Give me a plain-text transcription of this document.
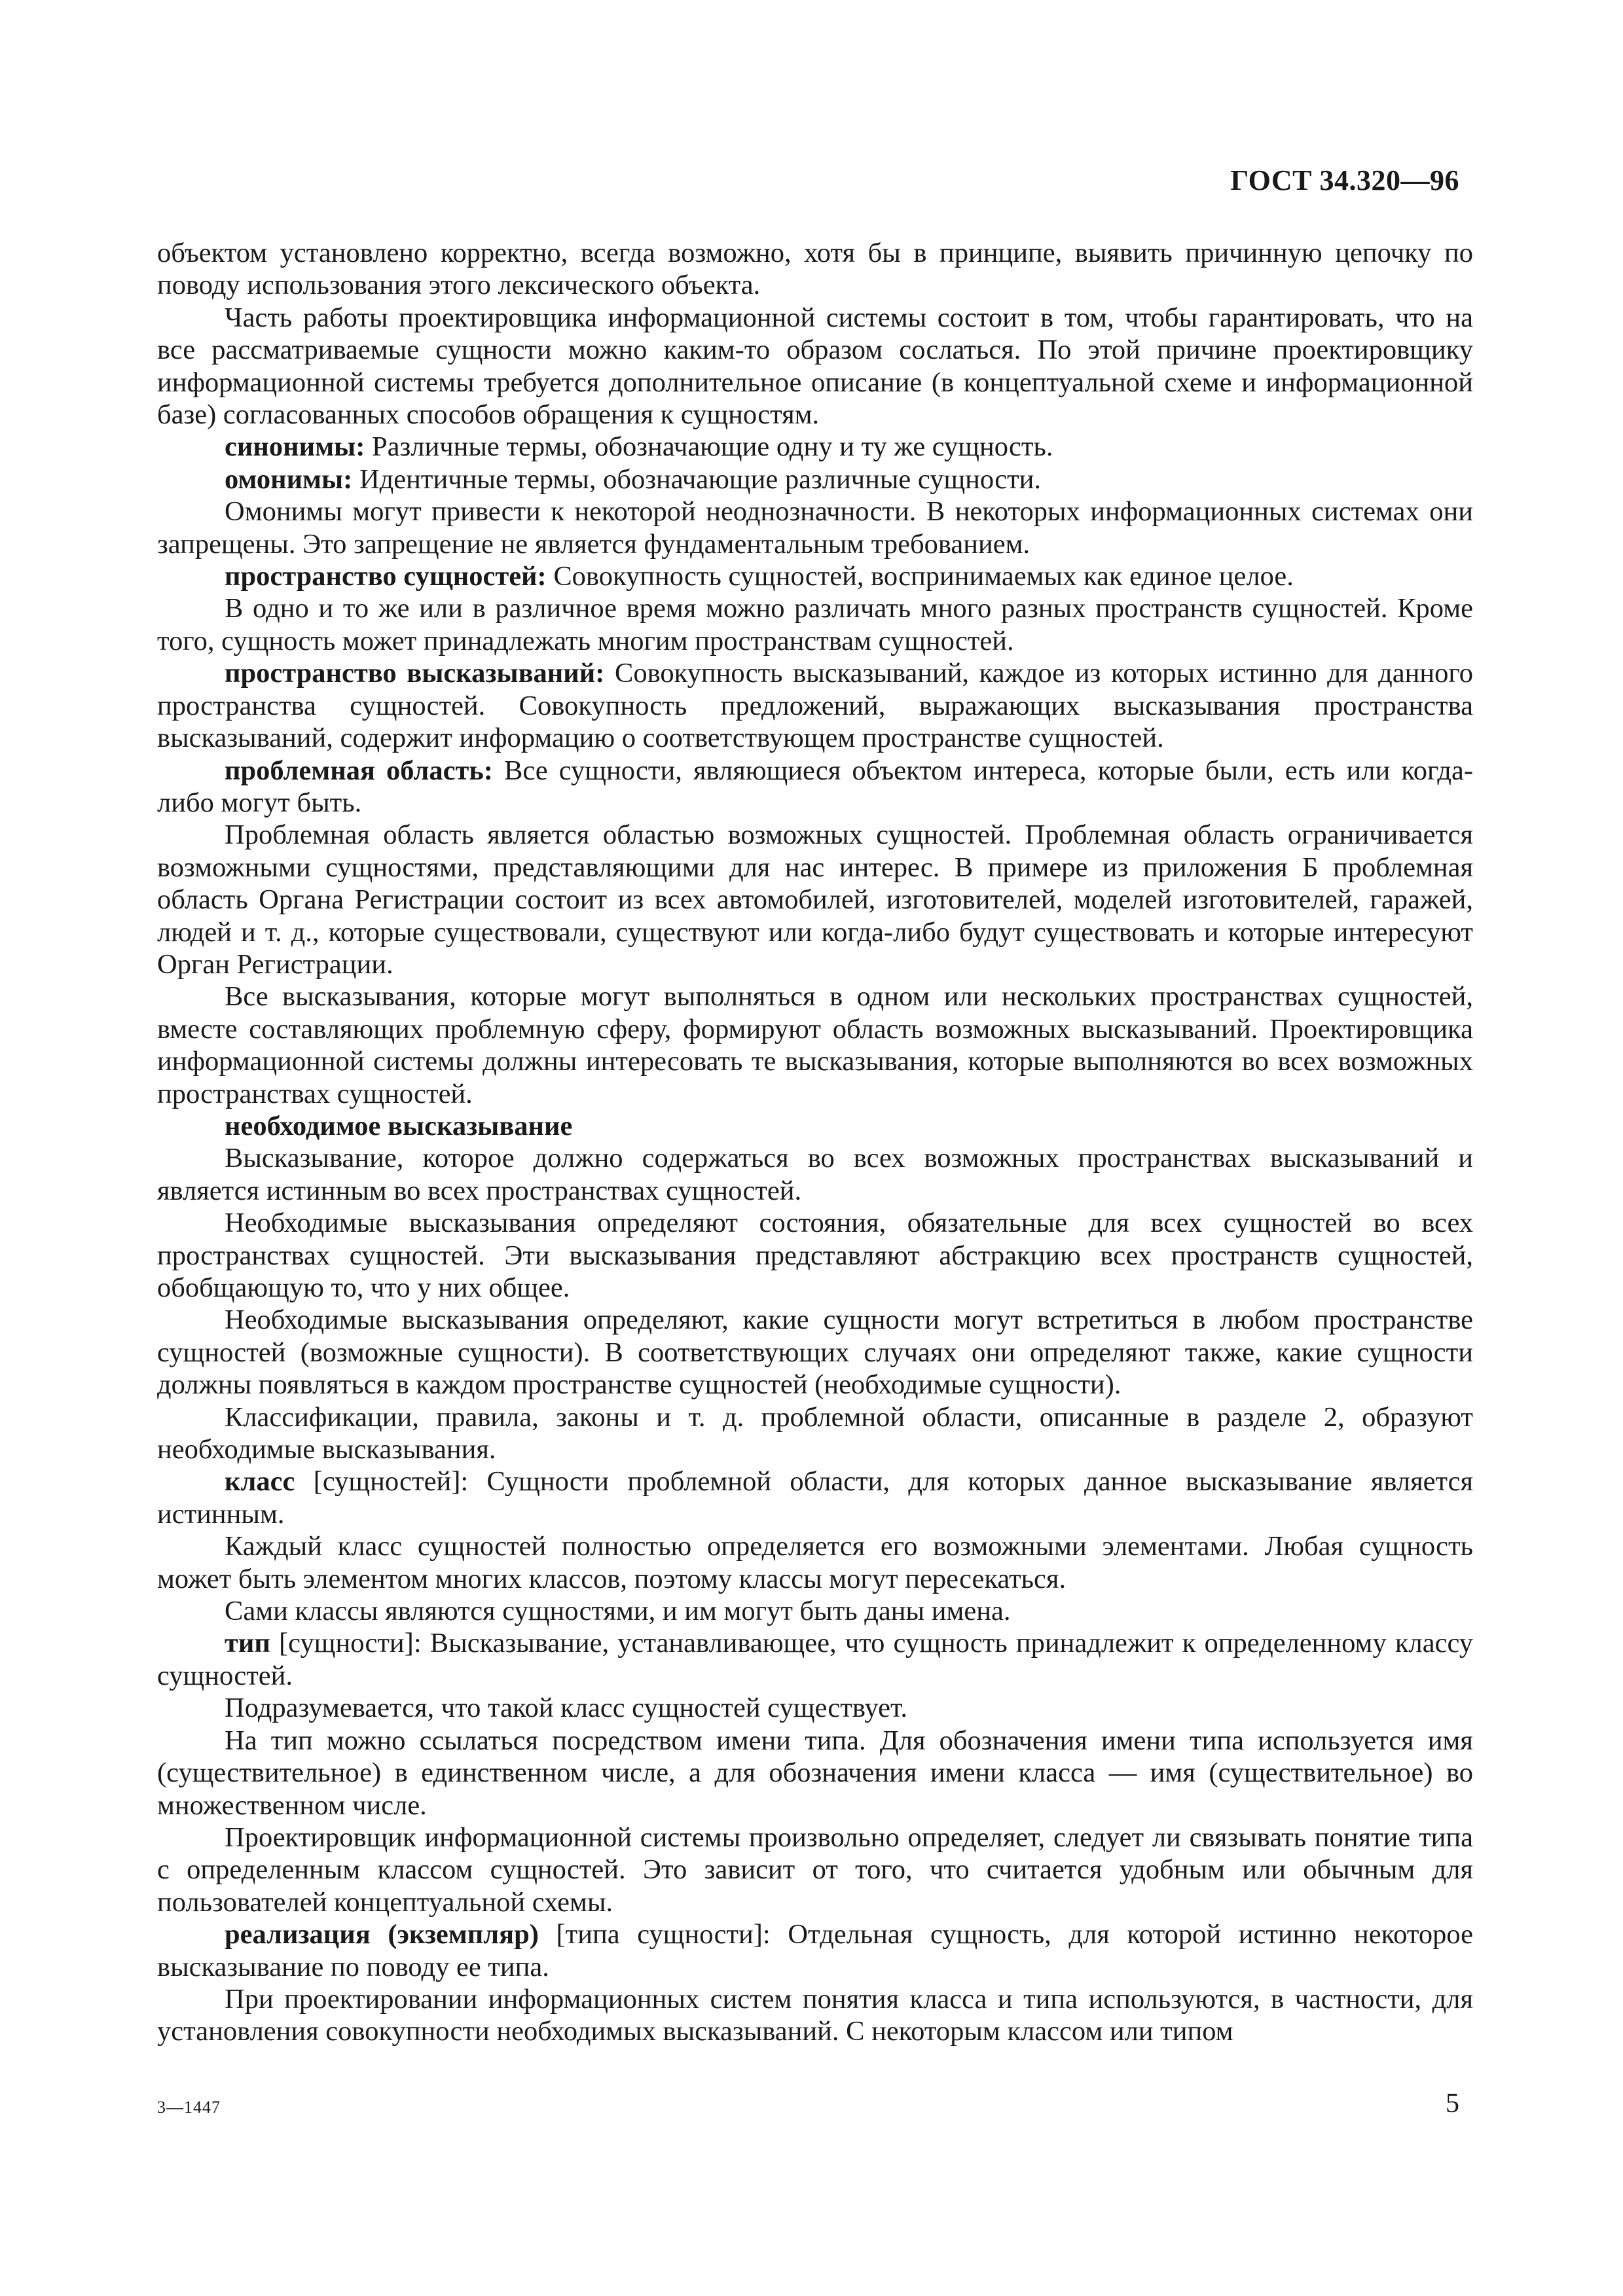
ГОСТ 34.320—96

объектом установлено корректно, всегда возможно, хотя бы в принципе, выявить причинную цепочку по поводу использования этого лексического объекта.

Часть работы проектировщика информационной системы состоит в том, чтобы гарантировать, что на все рассматриваемые сущности можно каким-то образом сослаться. По этой причине проектировщику информационной системы требуется дополнительное описание (в концептуальной схеме и информационной базе) согласованных способов обращения к сущностям.

синонимы: Различные термы, обозначающие одну и ту же сущность.

омонимы: Идентичные термы, обозначающие различные сущности.

Омонимы могут привести к некоторой неоднозначности. В некоторых информационных системах они запрещены. Это запрещение не является фундаментальным требованием.

пространство сущностей: Совокупность сущностей, воспринимаемых как единое целое.

В одно и то же или в различное время можно различать много разных пространств сущностей. Кроме того, сущность может принадлежать многим пространствам сущностей.

пространство высказываний: Совокупность высказываний, каждое из которых истинно для данного пространства сущностей. Совокупность предложений, выражающих высказывания пространства высказываний, содержит информацию о соответствующем пространстве сущностей.

проблемная область: Все сущности, являющиеся объектом интереса, которые были, есть или когда-либо могут быть.

Проблемная область является областью возможных сущностей. Проблемная область ограничивается возможными сущностями, представляющими для нас интерес. В примере из приложения Б проблемная область Органа Регистрации состоит из всех автомобилей, изготовителей, моделей изготовителей, гаражей, людей и т. д., которые существовали, существуют или когда-либо будут существовать и которые интересуют Орган Регистрации.

Все высказывания, которые могут выполняться в одном или нескольких пространствах сущностей, вместе составляющих проблемную сферу, формируют область возможных высказываний. Проектировщика информационной системы должны интересовать те высказывания, которые выполняются во всех возможных пространствах сущностей.

необходимое высказывание

Высказывание, которое должно содержаться во всех возможных пространствах высказываний и является истинным во всех пространствах сущностей.

Необходимые высказывания определяют состояния, обязательные для всех сущностей во всех пространствах сущностей. Эти высказывания представляют абстракцию всех пространств сущностей, обобщающую то, что у них общее.

Необходимые высказывания определяют, какие сущности могут встретиться в любом пространстве сущностей (возможные сущности). В соответствующих случаях они определяют также, какие сущности должны появляться в каждом пространстве сущностей (необходимые сущности).

Классификации, правила, законы и т. д. проблемной области, описанные в разделе 2, образуют необходимые высказывания.

класс [сущностей]: Сущности проблемной области, для которых данное высказывание является истинным.

Каждый класс сущностей полностью определяется его возможными элементами. Любая сущность может быть элементом многих классов, поэтому классы могут пересекаться.

Сами классы являются сущностями, и им могут быть даны имена.

тип [сущности]: Высказывание, устанавливающее, что сущность принадлежит к определенному классу сущностей.

Подразумевается, что такой класс сущностей существует.

На тип можно ссылаться посредством имени типа. Для обозначения имени типа используется имя (существительное) в единственном числе, а для обозначения имени класса — имя (существительное) во множественном числе.

Проектировщик информационной системы произвольно определяет, следует ли связывать понятие типа с определенным классом сущностей. Это зависит от того, что считается удобным или обычным для пользователей концептуальной схемы.

реализация (экземпляр) [типа сущности]: Отдельная сущность, для которой истинно некоторое высказывание по поводу ее типа.

При проектировании информационных систем понятия класса и типа используются, в частности, для установления совокупности необходимых высказываний. С некоторым классом или типом

3—1447	5
